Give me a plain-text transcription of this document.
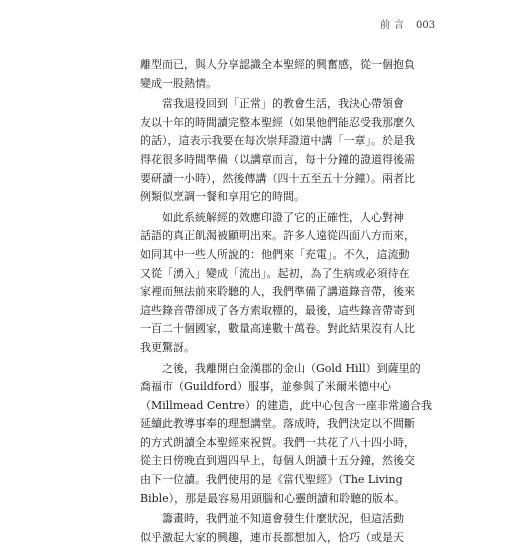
前言 003
離型而已，與人分享認識全本聖經的興奮感，從一個抱負
變成一股熱情。
當我退役回到「正常」的教會生活，我決心帶領會
友以十年的時間讀完整本聖經（如果他們能忍受我那麼久
的話），這表示我要在每次崇拜證道中講「一章」。於是我
得花很多時間準備（以講章而言，每十分鐘的證道得後需
要研讀一小時），然後傳講（四十五至五十分鐘）。兩者比
例類似烹調一餐和享用它的時間。
如此系統解經的效應印證了它的正確性，人心對神
話語的真正飢渴被顯明出來。許多人遠從四面八方而來，
如同其中一些人所說的：他們來「充電」。不久，這流動
又從「湧入」變成「流出」。起初，為了生病或必須待在
家裡而無法前來聆聽的人，我們準備了講道錄音帶，後來
這些錄音帶卻成了各方索取標的，最後，這些錄音帶寄到
一百二十個國家，數量高達數十萬卷。對此結果沒有人比
我更驚訝。
之後，我離開白金漢郡的金山（Gold Hill）到薩里的
喬福市（Guildford）服事，並參與了米爾米德中心
（Millmead Centre）的建造，此中心包含一座非常適合我
延續此教導事奉的理想講堂。落成時，我們決定以不間斷
的方式朗讀全本聖經來祝賀。我們一共花了八十四小時，
從主日傍晚直到週四早上，每個人朗讀十五分鐘，然後交
由下一位讀。我們使用的是《當代聖經》（The Living
Bible），那是最容易用頭腦和心靈朗讀和聆聽的版本。
籌畫時，我們並不知道會發生什麼狀況，但這活動
似乎激起大家的興趣，連市長都想加入，恰巧（或是天
